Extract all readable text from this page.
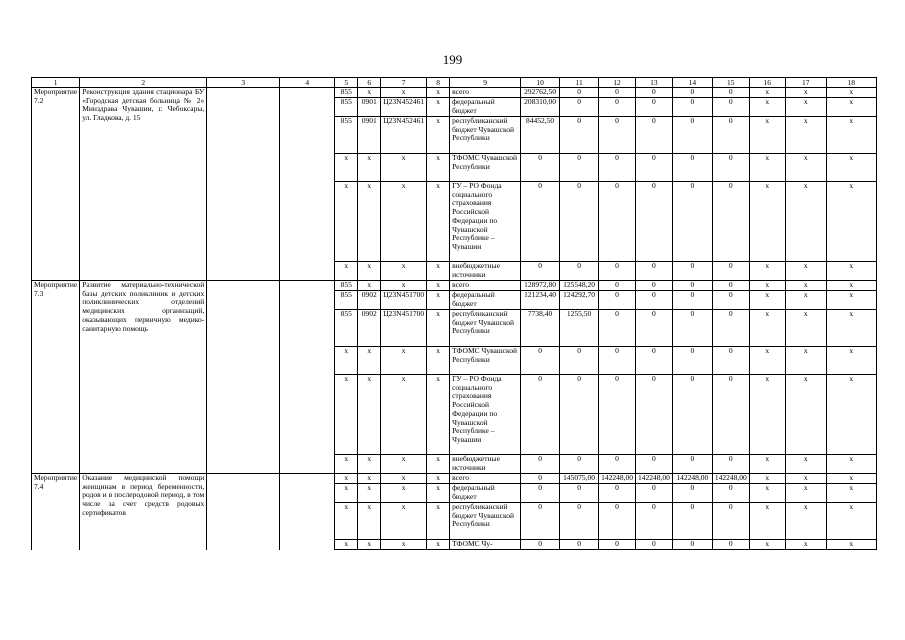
199
1	2	3	4	5	6	7	8	9	10	11	12	13	14	15	16	17	18
Мероприятие 7.2	Реконструкция здания стационара БУ «Городская детская больница № 2» Минздрава Чувашии, г. Чебоксары, ул. Гладкова, д. 15			855	x	x	x	всего	292762,50	0	0	0	0	0	x	x	x
				855	0901	Ц23N452461	x	федеральный бюджет	208310,00	0	0	0	0	0	x	x	x
				855	0901	Ц23N452461	x	республиканский бюджет Чувашской Республики	84452,50	0	0	0	0	0	x	x	x
				x	x	x	x	ТФОМС Чувашской Республики	0	0	0	0	0	0	x	x	x
				x	x	x	x	ГУ – РО Фонда социального страхования Российской Федерации по Чувашской Республике – Чувашии	0	0	0	0	0	0	x	x	x
				x	x	x	x	внебюджетные источники	0	0	0	0	0	0	x	x	x
Мероприятие 7.3	Развитие материально-технической базы детских поликлиник и детских поликлинических отделений медицинских организаций, оказывающих первичную медико-санитарную помощь			855	x	x	x	всего	128972,80	125548,20	0	0	0	0	x	x	x
				855	0902	Ц23N451700	x	федеральный бюджет	121234,40	124292,70	0	0	0	0	x	x	x
				855	0902	Ц23N451700	x	республиканский бюджет Чувашской Республики	7738,40	1255,50	0	0	0	0	x	x	x
				x	x	x	x	ТФОМС Чувашской Республики	0	0	0	0	0	0	x	x	x
				x	x	x	x	ГУ – РО Фонда социального страхования Российской Федерации по Чувашской Республике – Чувашии	0	0	0	0	0	0	x	x	x
				x	x	x	x	внебюджетные источники	0	0	0	0	0	0	x	x	x
Мероприятие 7.4	Оказание медицинской помощи женщинам в период беременности, родов и в послеродовой период, в том числе за счет средств родовых сертификатов			x	x	x	x	всего	0	145075,00	142248,00	142248,00	142248,00	142248,00	x	x	x
				x	x	x	x	федеральный бюджет	0	0	0	0	0	0	x	x	x
				x	x	x	x	республиканский бюджет Чувашской Республики	0	0	0	0	0	0	x	x	x
				x	x	x	x	ТФОМС Чу-	0	0	0	0	0	0	x	x	x
